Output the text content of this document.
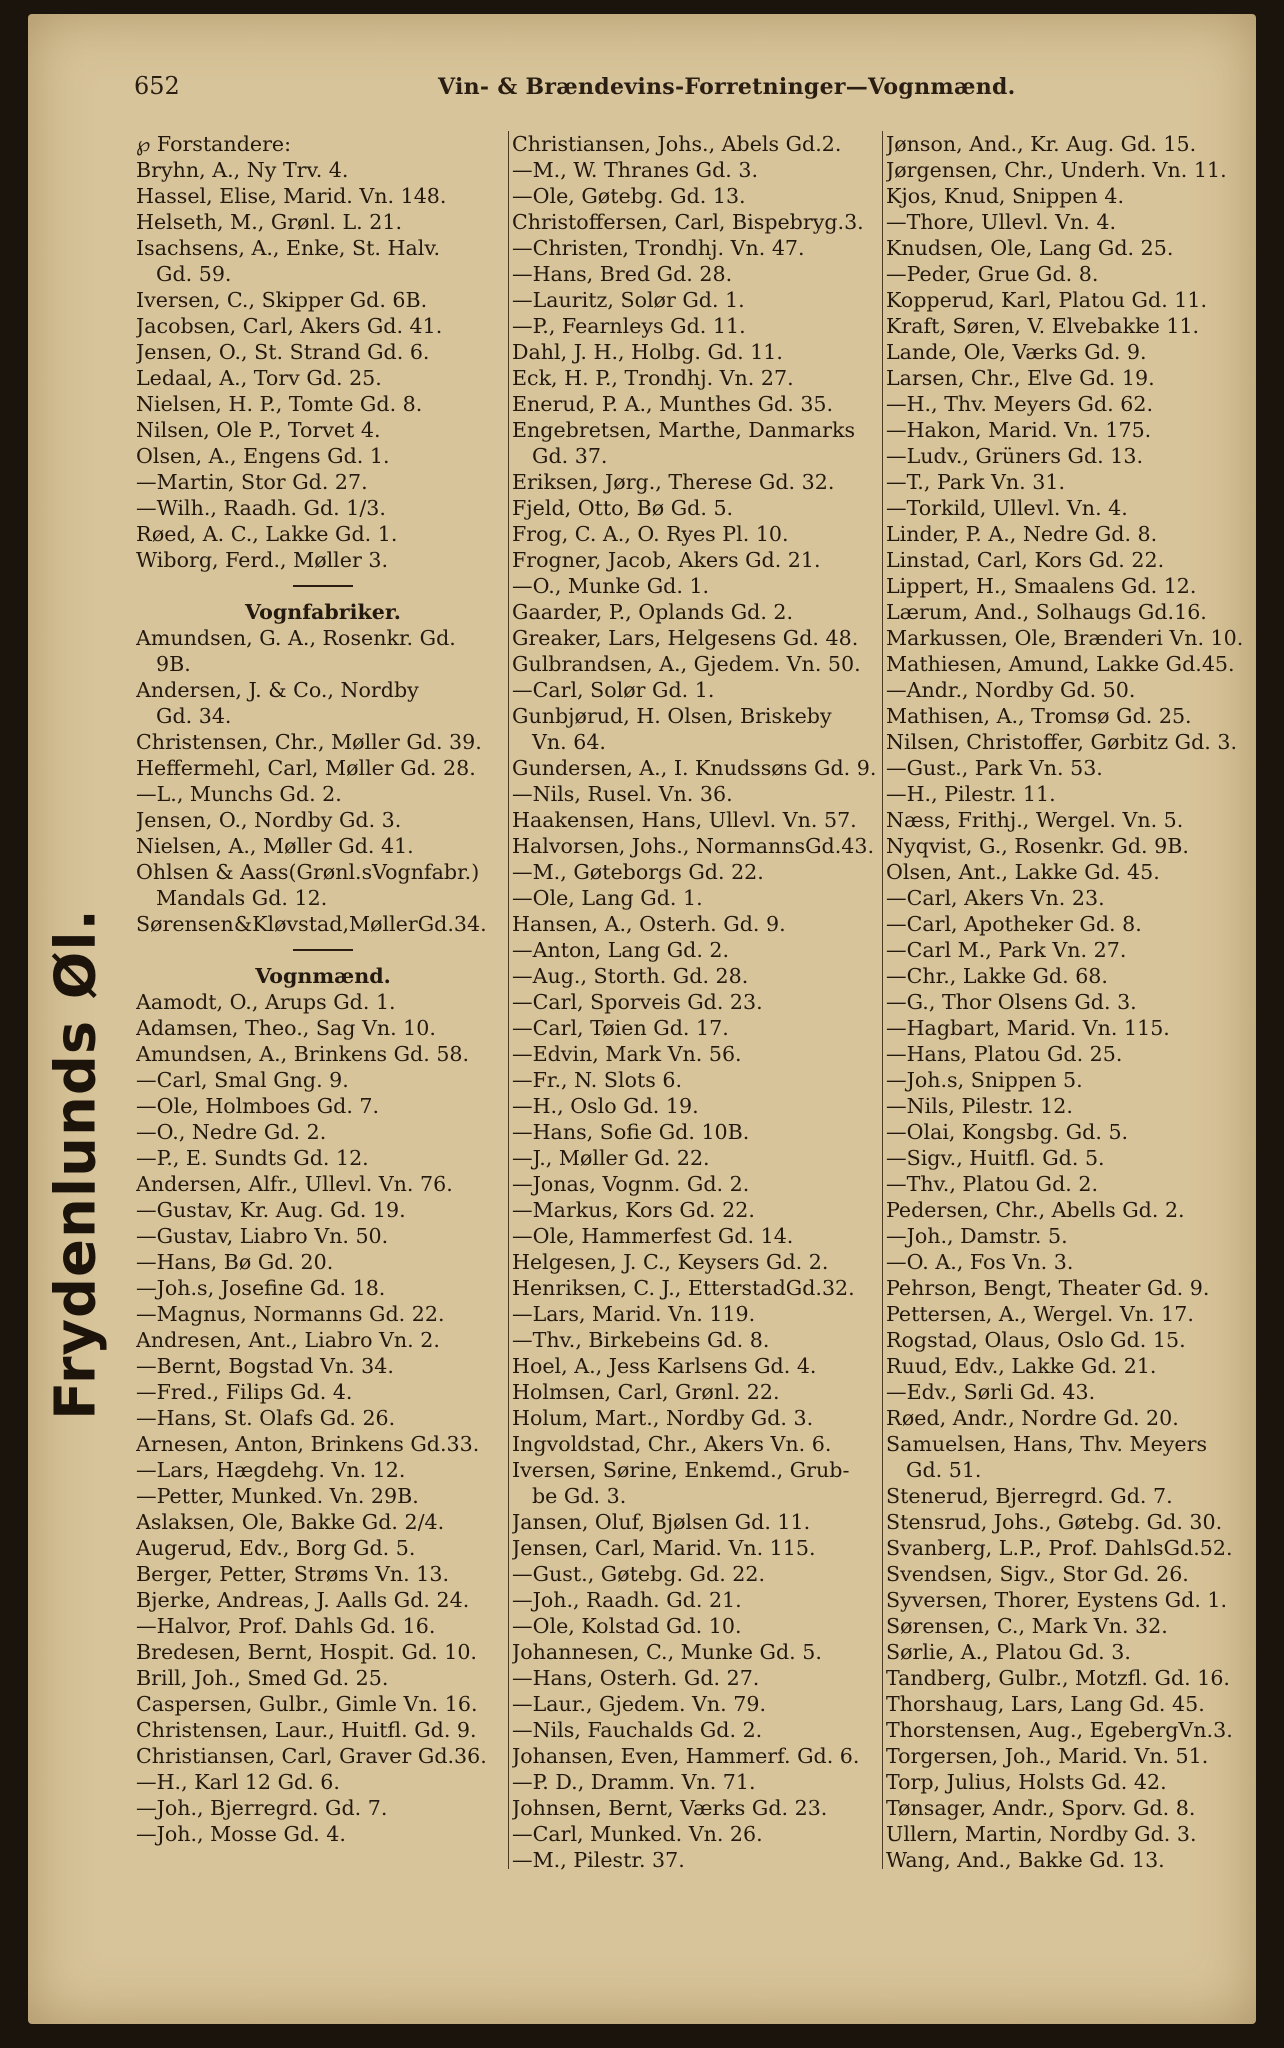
652	Vin- & Brændevins-Forretninger—Vognmænd.
Frydenlunds Øl.
℘ Forstandere:
Bryhn, A., Ny Trv. 4.
Hassel, Elise, Marid. Vn. 148.
Helseth, M., Grønl. L. 21.
Isachsens, A., Enke, St. Halv.
Gd. 59.
Iversen, C., Skipper Gd. 6B.
Jacobsen, Carl, Akers Gd. 41.
Jensen, O., St. Strand Gd. 6.
Ledaal, A., Torv Gd. 25.
Nielsen, H. P., Tomte Gd. 8.
Nilsen, Ole P., Torvet 4.
Olsen, A., Engens Gd. 1.
—Martin, Stor Gd. 27.
—Wilh., Raadh. Gd. 1/3.
Røed, A. C., Lakke Gd. 1.
Wiborg, Ferd., Møller 3.
Vognfabriker.
Amundsen, G. A., Rosenkr. Gd.
9B.
Andersen, J. & Co., Nordby
Gd. 34.
Christensen, Chr., Møller Gd. 39.
Heffermehl, Carl, Møller Gd. 28.
—L., Munchs Gd. 2.
Jensen, O., Nordby Gd. 3.
Nielsen, A., Møller Gd. 41.
Ohlsen & Aass(Grønl.sVognfabr.)
Mandals Gd. 12.
Sørensen&Kløvstad,MøllerGd.34.
Vognmænd.
Aamodt, O., Arups Gd. 1.
Adamsen, Theo., Sag Vn. 10.
Amundsen, A., Brinkens Gd. 58.
—Carl, Smal Gng. 9.
—Ole, Holmboes Gd. 7.
—O., Nedre Gd. 2.
—P., E. Sundts Gd. 12.
Andersen, Alfr., Ullevl. Vn. 76.
—Gustav, Kr. Aug. Gd. 19.
—Gustav, Liabro Vn. 50.
—Hans, Bø Gd. 20.
—Joh.s, Josefine Gd. 18.
—Magnus, Normanns Gd. 22.
Andresen, Ant., Liabro Vn. 2.
—Bernt, Bogstad Vn. 34.
—Fred., Filips Gd. 4.
—Hans, St. Olafs Gd. 26.
Arnesen, Anton, Brinkens Gd.33.
—Lars, Hægdehg. Vn. 12.
—Petter, Munked. Vn. 29B.
Aslaksen, Ole, Bakke Gd. 2/4.
Augerud, Edv., Borg Gd. 5.
Berger, Petter, Strøms Vn. 13.
Bjerke, Andreas, J. Aalls Gd. 24.
—Halvor, Prof. Dahls Gd. 16.
Bredesen, Bernt, Hospit. Gd. 10.
Brill, Joh., Smed Gd. 25.
Caspersen, Gulbr., Gimle Vn. 16.
Christensen, Laur., Huitfl. Gd. 9.
Christiansen, Carl, Graver Gd.36.
—H., Karl 12 Gd. 6.
—Joh., Bjerregrd. Gd. 7.
—Joh., Mosse Gd. 4.
Christiansen, Johs., Abels Gd.2.
—M., W. Thranes Gd. 3.
—Ole, Gøtebg. Gd. 13.
Christoffersen, Carl, Bispebryg.3.
—Christen, Trondhj. Vn. 47.
—Hans, Bred Gd. 28.
—Lauritz, Solør Gd. 1.
—P., Fearnleys Gd. 11.
Dahl, J. H., Holbg. Gd. 11.
Eck, H. P., Trondhj. Vn. 27.
Enerud, P. A., Munthes Gd. 35.
Engebretsen, Marthe, Danmarks
Gd. 37.
Eriksen, Jørg., Therese Gd. 32.
Fjeld, Otto, Bø Gd. 5.
Frog, C. A., O. Ryes Pl. 10.
Frogner, Jacob, Akers Gd. 21.
—O., Munke Gd. 1.
Gaarder, P., Oplands Gd. 2.
Greaker, Lars, Helgesens Gd. 48.
Gulbrandsen, A., Gjedem. Vn. 50.
—Carl, Solør Gd. 1.
Gunbjørud, H. Olsen, Briskeby
Vn. 64.
Gundersen, A., I. Knudssøns Gd. 9.
—Nils, Rusel. Vn. 36.
Haakensen, Hans, Ullevl. Vn. 57.
Halvorsen, Johs., NormannsGd.43.
—M., Gøteborgs Gd. 22.
—Ole, Lang Gd. 1.
Hansen, A., Osterh. Gd. 9.
—Anton, Lang Gd. 2.
—Aug., Storth. Gd. 28.
—Carl, Sporveis Gd. 23.
—Carl, Tøien Gd. 17.
—Edvin, Mark Vn. 56.
—Fr., N. Slots 6.
—H., Oslo Gd. 19.
—Hans, Sofie Gd. 10B.
—J., Møller Gd. 22.
—Jonas, Vognm. Gd. 2.
—Markus, Kors Gd. 22.
—Ole, Hammerfest Gd. 14.
Helgesen, J. C., Keysers Gd. 2.
Henriksen, C. J., EtterstadGd.32.
—Lars, Marid. Vn. 119.
—Thv., Birkebeins Gd. 8.
Hoel, A., Jess Karlsens Gd. 4.
Holmsen, Carl, Grønl. 22.
Holum, Mart., Nordby Gd. 3.
Ingvoldstad, Chr., Akers Vn. 6.
Iversen, Sørine, Enkemd., Grub-
be Gd. 3.
Jansen, Oluf, Bjølsen Gd. 11.
Jensen, Carl, Marid. Vn. 115.
—Gust., Gøtebg. Gd. 22.
—Joh., Raadh. Gd. 21.
—Ole, Kolstad Gd. 10.
Johannesen, C., Munke Gd. 5.
—Hans, Osterh. Gd. 27.
—Laur., Gjedem. Vn. 79.
—Nils, Fauchalds Gd. 2.
Johansen, Even, Hammerf. Gd. 6.
—P. D., Dramm. Vn. 71.
Johnsen, Bernt, Værks Gd. 23.
—Carl, Munked. Vn. 26.
—M., Pilestr. 37.
Jønson, And., Kr. Aug. Gd. 15.
Jørgensen, Chr., Underh. Vn. 11.
Kjos, Knud, Snippen 4.
—Thore, Ullevl. Vn. 4.
Knudsen, Ole, Lang Gd. 25.
—Peder, Grue Gd. 8.
Kopperud, Karl, Platou Gd. 11.
Kraft, Søren, V. Elvebakke 11.
Lande, Ole, Værks Gd. 9.
Larsen, Chr., Elve Gd. 19.
—H., Thv. Meyers Gd. 62.
—Hakon, Marid. Vn. 175.
—Ludv., Grüners Gd. 13.
—T., Park Vn. 31.
—Torkild, Ullevl. Vn. 4.
Linder, P. A., Nedre Gd. 8.
Linstad, Carl, Kors Gd. 22.
Lippert, H., Smaalens Gd. 12.
Lærum, And., Solhaugs Gd.16.
Markussen, Ole, Brænderi Vn. 10.
Mathiesen, Amund, Lakke Gd.45.
—Andr., Nordby Gd. 50.
Mathisen, A., Tromsø Gd. 25.
Nilsen, Christoffer, Gørbitz Gd. 3.
—Gust., Park Vn. 53.
—H., Pilestr. 11.
Næss, Frithj., Wergel. Vn. 5.
Nyqvist, G., Rosenkr. Gd. 9B.
Olsen, Ant., Lakke Gd. 45.
—Carl, Akers Vn. 23.
—Carl, Apotheker Gd. 8.
—Carl M., Park Vn. 27.
—Chr., Lakke Gd. 68.
—G., Thor Olsens Gd. 3.
—Hagbart, Marid. Vn. 115.
—Hans, Platou Gd. 25.
—Joh.s, Snippen 5.
—Nils, Pilestr. 12.
—Olai, Kongsbg. Gd. 5.
—Sigv., Huitfl. Gd. 5.
—Thv., Platou Gd. 2.
Pedersen, Chr., Abells Gd. 2.
—Joh., Damstr. 5.
—O. A., Fos Vn. 3.
Pehrson, Bengt, Theater Gd. 9.
Pettersen, A., Wergel. Vn. 17.
Rogstad, Olaus, Oslo Gd. 15.
Ruud, Edv., Lakke Gd. 21.
—Edv., Sørli Gd. 43.
Røed, Andr., Nordre Gd. 20.
Samuelsen, Hans, Thv. Meyers
Gd. 51.
Stenerud, Bjerregrd. Gd. 7.
Stensrud, Johs., Gøtebg. Gd. 30.
Svanberg, L.P., Prof. DahlsGd.52.
Svendsen, Sigv., Stor Gd. 26.
Syversen, Thorer, Eystens Gd. 1.
Sørensen, C., Mark Vn. 32.
Sørlie, A., Platou Gd. 3.
Tandberg, Gulbr., Motzfl. Gd. 16.
Thorshaug, Lars, Lang Gd. 45.
Thorstensen, Aug., EgebergVn.3.
Torgersen, Joh., Marid. Vn. 51.
Torp, Julius, Holsts Gd. 42.
Tønsager, Andr., Sporv. Gd. 8.
Ullern, Martin, Nordby Gd. 3.
Wang, And., Bakke Gd. 13.
